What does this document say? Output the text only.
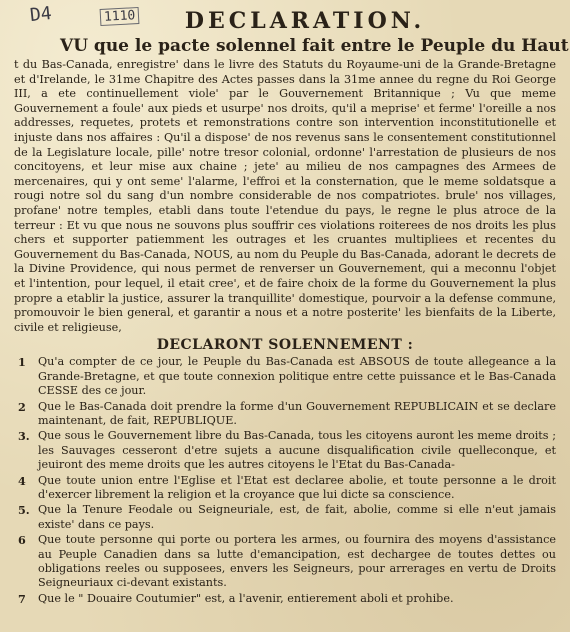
D4	1110	DECLARATION.
VU que le pacte solennel fait entre le Peuple du Haut

t du Bas-Canada, enregistre' dans le livre des Statuts du Royaume-uni de la Grande-Bretagne et d'Irelande, le 31me Chapitre des Actes passes dans la 31me annee du regne du Roi George III, a ete continuellement viole' par le Gouvernement Britannique ; Vu que meme Gouvernement a foule' aux pieds et usurpe' nos droits, qu'il a meprise' et ferme' l'oreille a nos addresses, requetes, protets et remonstrations contre son intervention inconstitutionelle et injuste dans nos affaires : Qu'il a dispose' de nos revenus sans le consentement constitutionnel de la Legislature locale, pille' notre tresor colonial, ordonne' l'arrestation de plusieurs de nos concitoyens, et leur mise aux chaine ; jete' au milieu de nos campagnes des Armees de mercenaires, qui y ont seme' l'alarme, l'effroi et la consternation, que le meme soldatsque a rougi notre sol du sang d'un nombre considerable de nos compatriotes. brule' nos villages, profane' notre temples, etabli dans toute l'etendue du pays, le regne le plus atroce de la terreur : Et vu que nous ne souvons plus souffrir ces violations roiterees de nos droits les plus chers et supporter patiemment les outrages et les cruantes multipliees et recentes du Gouvernement du Bas-Canada, NOUS, au nom du Peuple du Bas-Canada, adorant le decrets de la Divine Providence, qui nous permet de renverser un Gouvernement, qui a meconnu l'objet et l'intention, pour lequel, il etait cree', et de faire choix de la forme du Gouvernement la plus propre a etablir la justice, assurer la tranquillite' domestique, pourvoir a la defense commune, promouvoir le bien general, et garantir a nous et a notre posterite' les bienfaits de la Liberte, civile et religieuse,

DECLARONT SOLENNEMENT :
1	Qu'a compter de ce jour, le Peuple du Bas-Canada est ABSOUS de toute allegeance a la Grande-Bretagne, et que toute connexion politique entre cette puissance et le Bas-Canada CESSE des ce jour.
2	Que le Bas-Canada doit prendre la forme d'un Gouvernement REPUBLICAIN et se declare maintenant, de fait, REPUBLIQUE.
3. Que sous le Gouvernement libre du Bas-Canada, tous les citoyens auront les meme droits ; les Sauvages cesseront d'etre sujets a aucune disqualification civile quelleconque, et jeuiront des meme droits que les autres citoyens le l'Etat du Bas-Canada-
4	Que toute union entre l'Eglise et l'Etat est declaree abolie, et toute personne a le droit d'exercer librement la religion et la croyance que lui dicte sa conscience.
5. Que la Tenure Feodale ou Seigneuriale, est, de fait, abolie, comme si elle n'eut jamais existe' dans ce pays.
6	Que toute personne qui porte ou portera les armes, ou fournira des moyens d'assistance au Peuple Canadien dans sa lutte d'emancipation, est dechargee de toutes dettes ou obligations reeles ou supposees, envers les Seigneurs, pour arrerages en vertu de Droits Seigneuriaux ci-devant existants.
7	Que le " Douaire Coutumier" est, a l'avenir, entierement aboli et prohibe.
